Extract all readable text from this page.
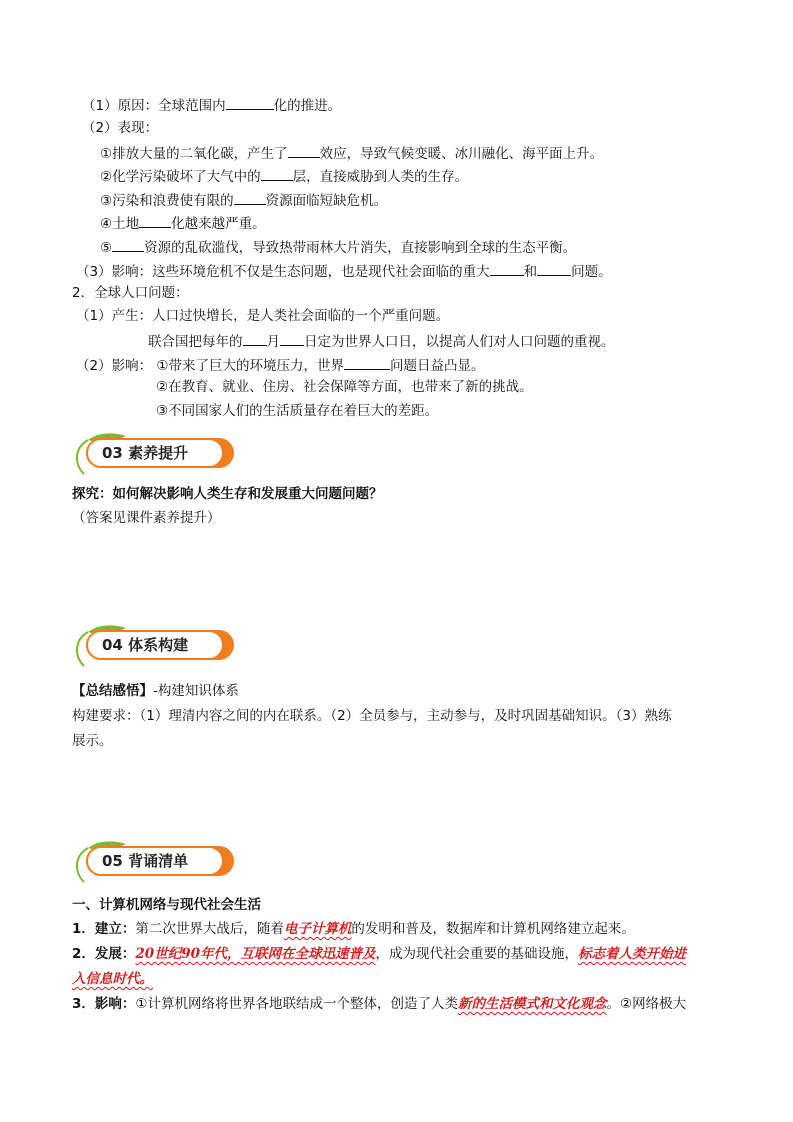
（1）原因：全球范围内	化的推进。
（2）表现：
①排放大量的二氧化碳，产生了 效应，导致气候变暖、冰川融化、海平面上升。
②化学污染破坏了大气中的 层，直接威胁到人类的生存。
③污染和浪费使有限的 资源面临短缺危机。
④土地 化越来越严重。
⑤ 资源的乱砍滥伐，导致热带雨林大片消失，直接影响到全球的生态平衡。
（3）影响：这些环境危机不仅是生态问题，也是现代社会面临的重大	和	问题。
2．全球人口问题：
（1）产生：人口过快增长，是人类社会面临的一个严重问题。
联合国把每年的 月 日定为世界人口日，以提高人们对人口问题的重视。
（2）影响： ①带来了巨大的环境压力，世界	问题日益凸显。
②在教育、就业、住房、社会保障等方面，也带来了新的挑战。
③不同国家人们的生活质量存在着巨大的差距。
03 素养提升
探究：如何解决影响人类生存和发展重大问题问题？
（答案见课件素养提升）
04 体系构建
【总结感悟】-构建知识体系
构建要求：（1）理清内容之间的内在联系。（2）全员参与，主动参与，及时巩固基础知识。（3）熟练
展示。
05 背诵清单
一、计算机网络与现代社会生活
1．建立：第二次世界大战后，随着电子计算机的发明和普及，数据库和计算机网络建立起来。
2．发展：20世纪90年代，互联网在全球迅速普及，成为现代社会重要的基础设施，标志着人类开始进
入信息时代。
3．影响：①计算机网络将世界各地联结成一个整体，创造了人类新的生活模式和文化观念。②网络极大
